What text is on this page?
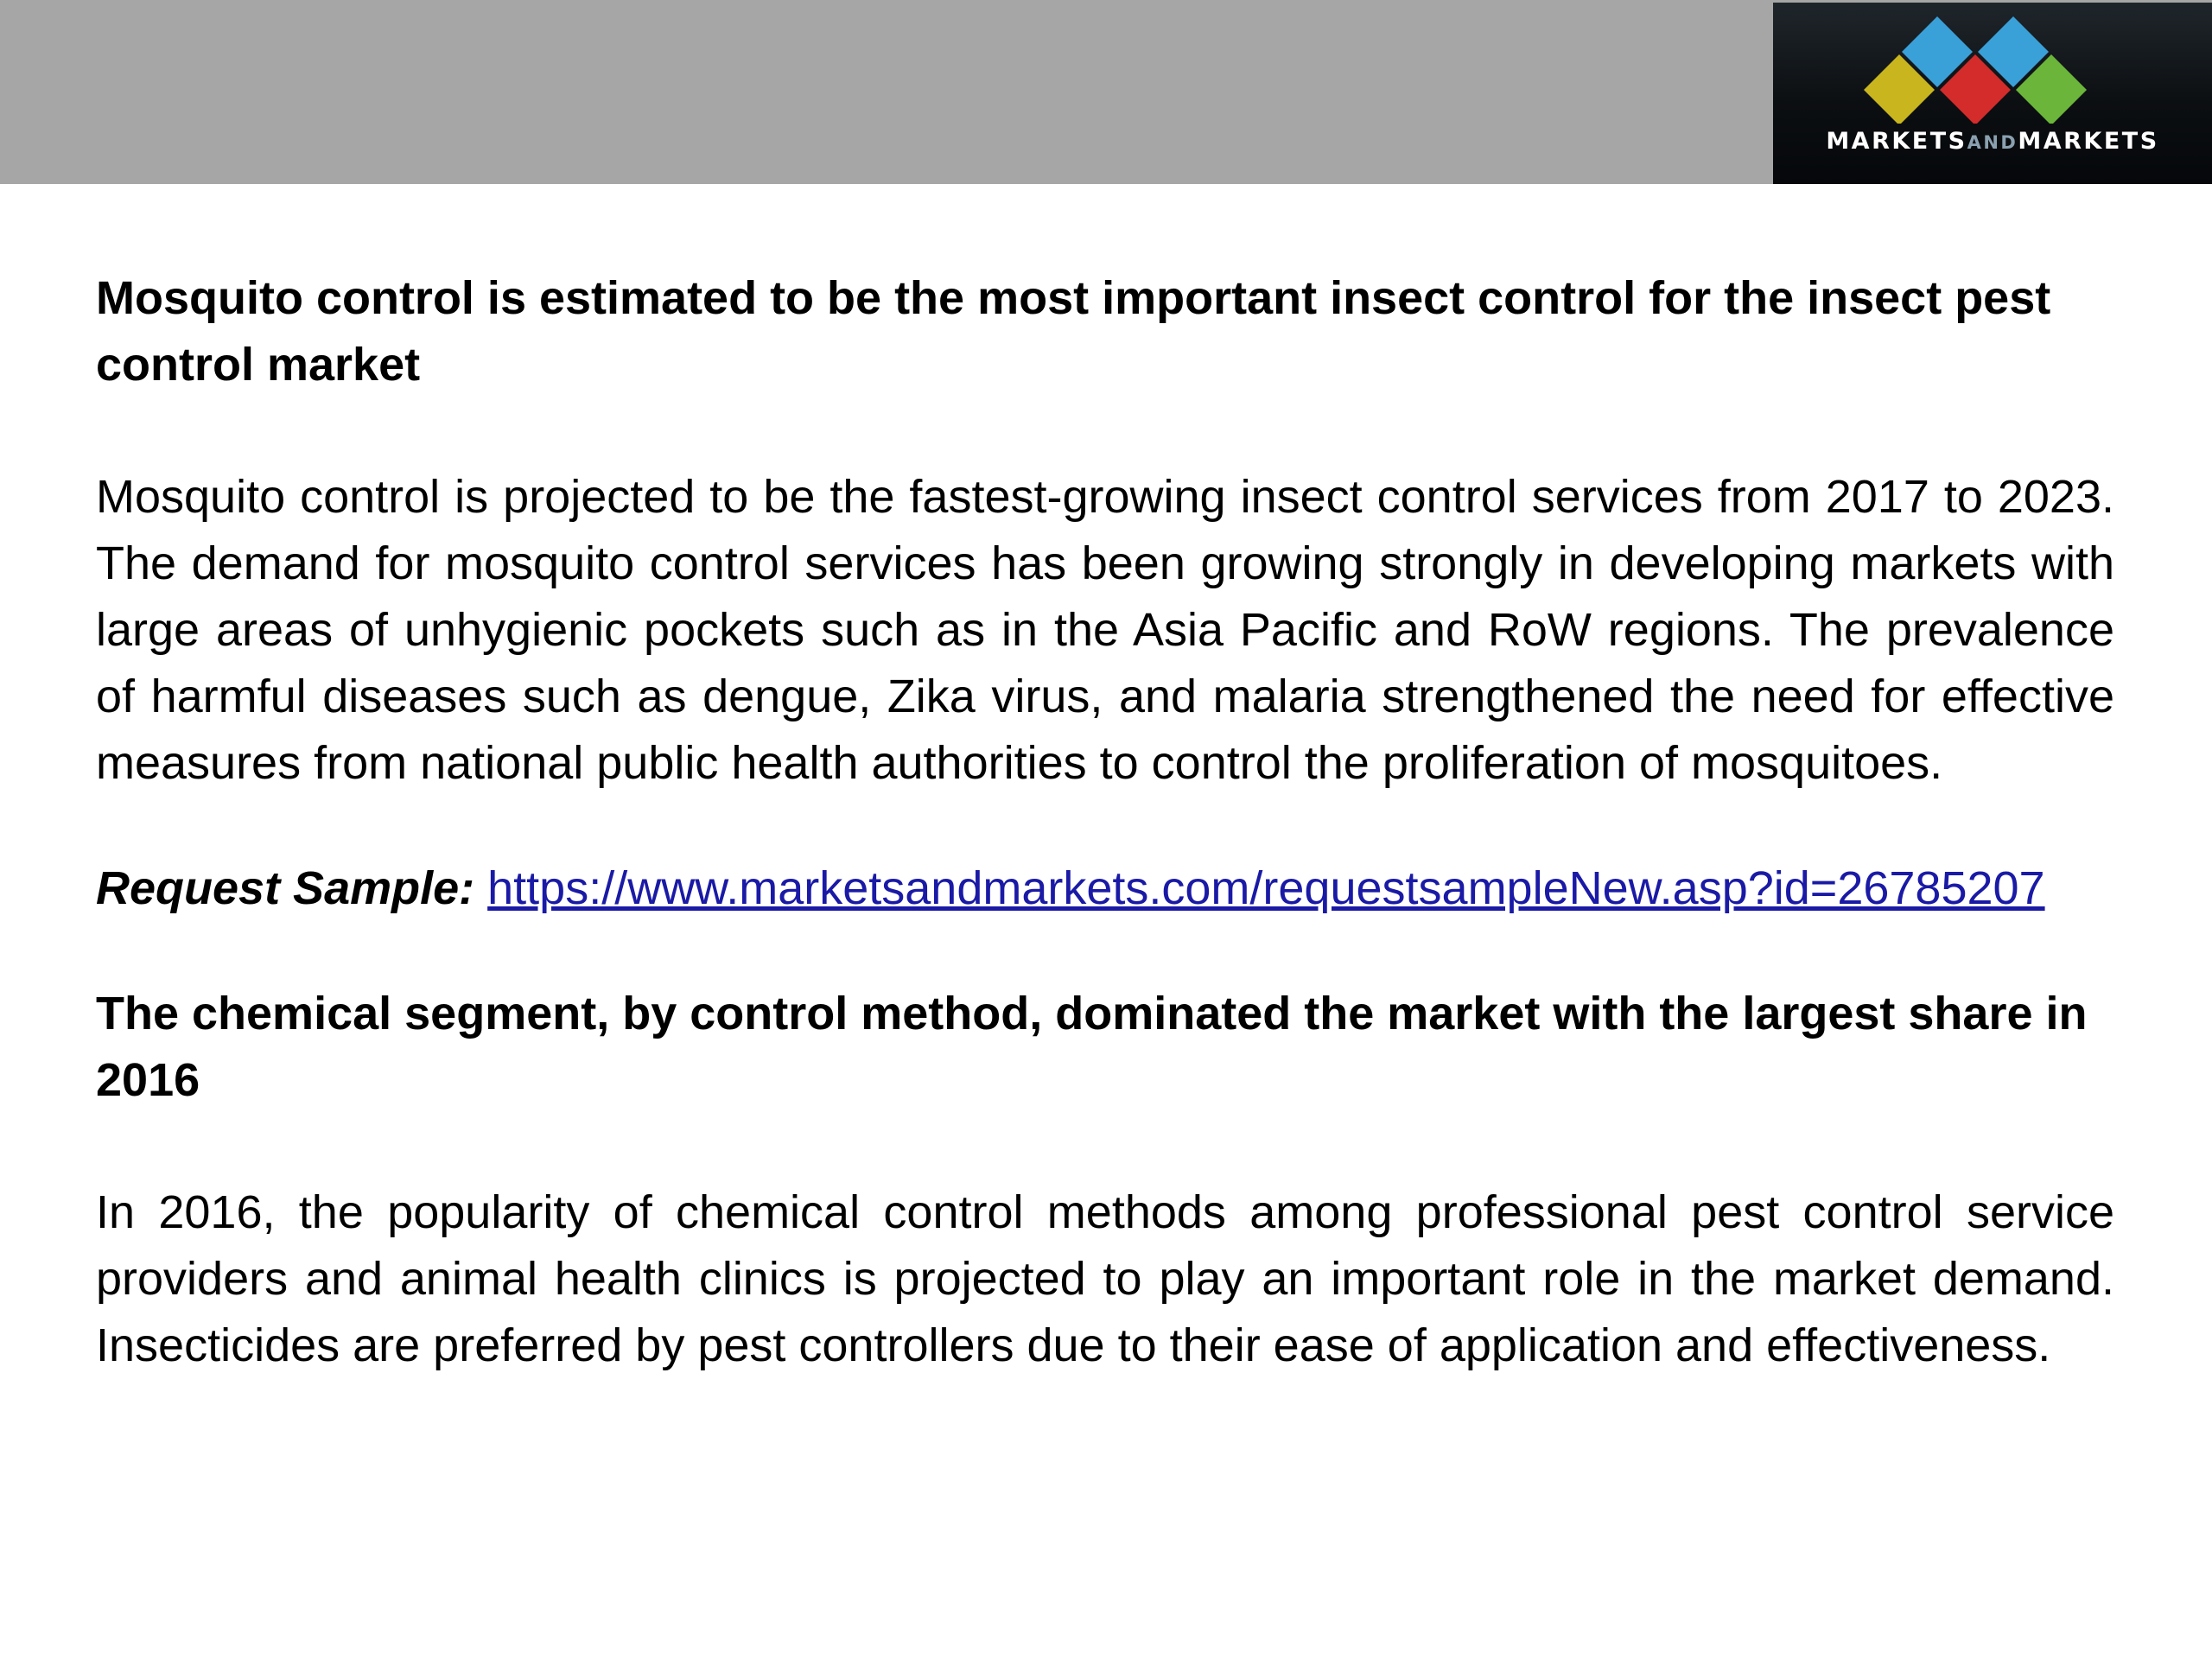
MARKETSANDMARKETS

Mosquito control is estimated to be the most important insect control for the insect pest control market

Mosquito control is projected to be the fastest-growing insect control services from 2017 to 2023. The demand for mosquito control services has been growing strongly in developing markets with large areas of unhygienic pockets such as in the Asia Pacific and RoW regions. The prevalence of harmful diseases such as dengue, Zika virus, and malaria strengthened the need for effective measures from national public health authorities to control the proliferation of mosquitoes.

Request Sample: https://www.marketsandmarkets.com/requestsampleNew.asp?id=26785207

The chemical segment, by control method, dominated the market with the largest share in 2016

In 2016, the popularity of chemical control methods among professional pest control service providers and animal health clinics is projected to play an important role in the market demand. Insecticides are preferred by pest controllers due to their ease of application and effectiveness.
